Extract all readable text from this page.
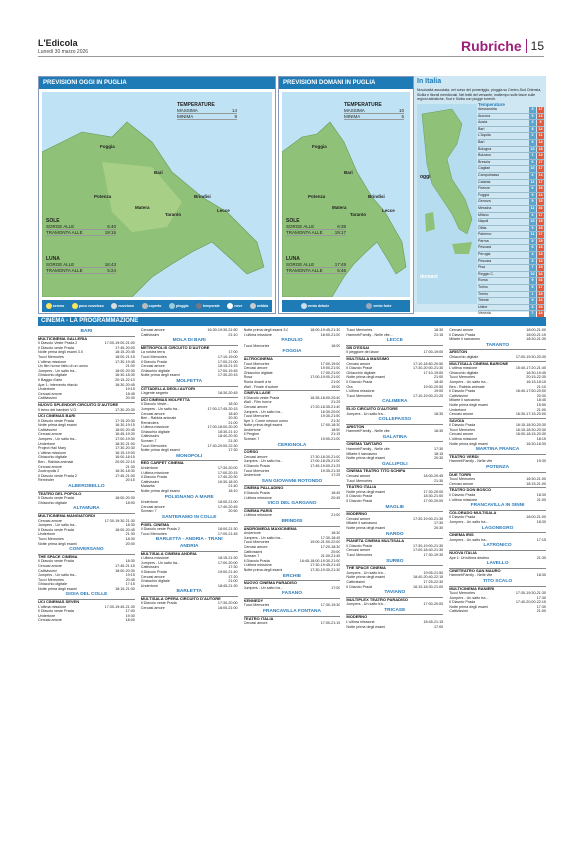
L'Edicola
Lunedì 30 marzo 2026	Rubriche 15
PREVISIONI OGGI IN PUGLIA
Foggia
Bari
Potenza	Brindisi
Matera
Taranto
Lecce
TEMPERATURE
MASSIMA	14
MINIMA	9
SOLE
SORGE ALLE	6:40
TRAMONTA ALLE	19:15
LUNA
SORGE ALLE	16:43
TRAMONTA ALLE	5:24
sereno	poco nuvoloso	nuvoloso	coperto	pioggia	temporale	neve	nebbia
PREVISIONI DOMANI IN PUGLIA
Foggia
Bari
Potenza	Brindisi
Matera
Taranto
Lecce
TEMPERATURE
MASSIMA	10
MINIMA	5
SOLE
SORGE ALLE	6:38
TRAMONTA ALLE	19:17
LUNA
SORGE ALLE	17:49
TRAMONTA ALLE	5:46
vento debole	vento forte
In Italia
Nuvolosità associata, nel corso del pomeriggio, pioggia su Centro-Sud Ortensia, Sicilia e litorali meridionali. Nei tratti del versante, maltempo sulle fasce sulle regioni adriatiche, Sud e Sicilia con piogge torrenti.
oggi
domani
Temperature
Alessandria	3	17
Ancona	9	13
Aosta	3	9
Bari	8	14
L'Aquila	2	11
Bari	9	14
Bologna	10	18
Bolzano	1	14
Brescia	6	17
Cagliari	10	17
Campobasso	6	14
Catania	11	17
Firenze	6	15
Foggia	9	14
Genova	9	15
Messina	11	16
Milano	6	17
Napoli	10	15
Olbia	9	15
Palermo	11	17
Parma	5	19
Pescara	6	13
Perugia	4	13
Pescara	3	12
Pisa	7	15
Reggio C.	10	16
Roma	9	16
Torino	5	17
Trento	1	15
Trieste	9	12
Udine	3	15
Venezia	7	14
CINEMA - LA PROGRAMMAZIONE
BARI
MULTICINEMA GALLERIA
Il Diavolo Veste Prada 2	17:00-19:00-21:00
Il Diavolo veste Prada	17:45-20:00
Notte prima degli esami 3.0	18:15-20:45
Tucci Memories	18:00-21:15
L'ultima missione	17:30-19:45
Un film horror fatto di un uomo	21:00
Jumpers - Un salto tra...	18:00-20:30
Ghiacchio digitale	16:30-18:30
Il Baggio d'arte	20:15-22:10
Ape 1: Intervento ritardo	16:30-20:45
Undertone	19:15
Cercasi amore	18:45
Cattivissimi	20:30
NUOVO SPLENDOR CIRCUITO D'AUTORE
Il treno dei bambini V.O.	17:30-20:30
UCI CINEMAS BARI
Il Diavolo veste Prada	17:15-20:30
Notte prima degli esami	16:30-19:15
Cattivissimi	18:00-20:45
Cercasi amore	16:45-19:30
Jumpers - Un salto tra...	17:00-19:30
Undertone	18:30-21:00
Project Hail Mary	17:30-20:30
L'ultima missione	16:15-19:00
Ghiacchio digitale	16:00-18:15
Ben - Rabbia animale	20:00-22:15
Cercasi amore	21:30
Zootropolis 2	16:30-18:30
Il Diavolo veste Prada 2	17:45-21:00
Reminder	20:15
ALBEROBELLO
TEATRO DEL POPOLO
Il Diavolo veste Prada	18:00-20:30
Ghiacchio digitale	18:00
ALTAMURA
MULTICINEMA MANGIATORDI
Cercasi amore	17:30-19:30-21:30
Jumpers - Un salto tra...	18:30
Il Diavolo veste Prada	18:00-20:45
Undertone	21:30
Tucci Memories	18:30
Notte prima degli esami	20:00
CONVERSANO
THE SPACE CINEMA
Il Diavolo veste Prada	18:30
Cercasi amore	17:45-21:15
Cattivissimi	18:00-20:30
Jumpers - Un salto tra...	19:15
Tucci Memories	20:45
Ghiacchio digitale	17:15
Notte prima degli esami	18:15-21:00
GIOIA DEL COLLE
UCI CINEMAS SEVEN
L'ultima missione	17:30-19:45-21:30
Il Diavolo veste Prada	17:00
Undertone	19:30
Cercasi amore	18:00
Cercasi amore	16:30-19:30-21:50
Cattivissimi	21:10
MOLA DI BARI
METROPOLIS CIRCUITO D'AUTORE
La nostra terra	17:00
Tucci Memories	17:10-19:00
Il Diavolo Prada	17:00-21:00
Cercasi amore	18:15-21:15
Ghiacchio digitale	17:00-19:45
Notte prima degli esami	17:30-20:15
MOLFETTA
CITTADELLA DEGLI AUTORI
L'agente segreto	18:30-20:45
UCI CINEMAS MOLFETTA
Il Diavolo Veste...	18:30
Jumpers - Un salto tra...	17:00-17:45-20:15
Cercasi amore	18:40
Ben - Rabbia animale	20:30
Reminders	21:00
L'ultima missione	17:00-18:00-20:20
Ghiacchio digitale	18:30-21:10
Cattivissimi	18:40-20:30
Scream 7	21:30
Tucci Memories	17:40-20:00-22:30
Notte prima degli esami	17:30
MONOPOLI
RED CARPET CINEMA
Undertone	17:30-20:00
L'ultima missione	17:00-20:15
Il Diavolo Prada	17:40-20:30
Cattivissimi	16:30-18:20
Malavita	21:40
Notte prima degli esami	18:10
POLIGNANO A MARE
Undertone	18:00-21:00
Cercasi amore	17:40-20:45
Scream 7	20:50
SANTERAMO IN COLLE
PIXEL CINEMA
Il Diavolo veste Prada 2	18:00-21:30
Tucci Memories	17:00-21:45
BARLETTA - ANDRIA - TRANI
ANDRIA
MULTISALA CINEMA ANDRIA
L'ultima missione	18:15-21:30
Jumpers - Un salto tra...	17:00-20:00
Cattivissimi	17:30
Il Diavolo Prada	19:00-21:40
Cercasi amore	17:20
Ghiacchio digitale	21:00
Undertone	18:45-21:30
BARLETTA
MULTISALA OPERA CIRCUITO D'AUTORE
Il Diavolo veste Prada	17:30-20:00
Cercasi amore	18:00-21:00
Notte prima degli esami 3.0	18:00-19:45-21:30
L'ultima missione	18:00-21:00
PADULIO
Tucci Memories	18:00
FOGGIA
ALTROCINEMA
Tucci Memories	17:00-19:00
Cercasi amore	19:00-21:00
Ghiacchio digitale	17:00-21:00
Rosa	17:00-19:00-21:00
Ronia dvanti a te	21:00
Wall - Finale d'autore	19:00
CINEVILLAGE
Il Diavolo veste Prada	16:35-18:00-20:40
Wall - Film horror	21:25
Cercasi amore	17:20-18:35-21:40
Jumpers - Un salto tra...	16:30-20:00
Tucci Memories	19:30-21:50
Ape 1: Come nessun uomo	21:30
Notte prima degli esami	17:00-18:30
Undertone	18:50
Il Pergine	21:15
Scream 7	19:00-21:00
CERIGNOLA
CORSO
Cercasi amore	17:30-18:30-21:00
Jumpers - Un salto tra...	17:00-18:25-21:00
Il Diavolo Prada	17:45-19:00-21:25
Tucci Memories	19:35-21:35
Undertone	17:25
SAN GIOVANNI ROTONDO
CINEMA PALLADINO
Il Diavolo Prada	18:45
L'ultima missione	20:45
VICO DEL GARGANO
CINEMA PARIS
L'ultima missione	21:00
BRINDISI
ANDROMEDA MAXICINEMA
Undertone	18:30
Jumpers - Un salto tra...	17:30-18:45
Tucci Memories	19:00-21:00-22:00
Cercasi amore	17:20-18:30
Cattivissimi	20:00
Scream 7	21:00-21:45
Il Diavolo Prada	16:45-18:00-19:30-21:00
L'ultima missione	17:30-19:45-21:45
Notte prima degli esami	17:30-19:30-21:30
ERCHIE
NUOVO CINEMA PARADISO
Jumpers - Un salto tra...	17:00
FASANO
KENNEDY
Tucci Memories	17:30-19:30
FRANCAVILLA FONTANA
TEATRO ITALIA
Cercasi amore	17:00-21:15
Tucci Memories	18:30
Hamnet/Family - Nelle vite...	21:15
LECCE
DB D'ESSAI
Il peggiore dei lavori	17:00-19:00
MULTISALA MASSIMO
Cercasi amore	17:10-18:50-20:50
Il Diavolo Prada	17:30-20:00-21:30
Ghiacchio digitale	17:10-19:00
Notte prima degli esami	21:00
Il Diavolo Prada	18:40
Ora	19:00-20:50
L'ultima missione	19:00
Tucci Memories	17:10-19:00-21:20
CALIMERA
ELIO CIRCUITO D'AUTORE
Jumpers - Un salto tra...	18:30
COLLEPASSO
ARISTON
Hamnet/Family - Nelle vite	18:30
GALATINA
CINEMA TARTARO
Hamnet/Family - Nelle vite	17:30
Milarte il sarcasmo	18:15
Notte prima degli esami	20:30
GALLIPOLI
CINEMA TEATRO TITO SCHIPA
Cercasi amore	18:00-20:45
Tucci Memories	21:30
TEATRO ITALIA
Notte prima degli esami	17:30-20:00
Il Diavolo Prada	18:30-21:00
Il Diavolo Prada	17:00-20:00
MAGLIE
MODERNO
Cercasi amore	17:30-19:00-21:30
Milarte il sarcasmo	17:30
Notte prima degli esami	20:30
NARDO
PIANETA CINEMA MULTISALA
Il Diavolo Prada	17:30-19:00-21:30
Cercasi amore	17:00-18:40-21:30
Tucci Memories	17:30-19:30
SURBO
THE SPACE CINEMA
Jumpers - Un salto tra...	19:05-21:50
Notte prima degli esami	18:40-20:40-22:15
Cattivissimi	17:25-22:30
Il Diavolo Prada	16:10-18:30-21:00
TAVIANO
MULTIPLEX TEATRO PARADISO
Jumpers - Un salto tra...	17:00-20:00
TRICASE
MODERNO
L'ultima missione	18:45-21:15
Notte prima degli esami	17:00
Cercasi amore	18:00-21:00
Il Diavolo Prada	18:00-21:15
Milarte il sarcasmo	18:30-21:30
TARANTO
ARISTON
Ghiacchio digitale	17:00-19:30-20:30
MULTISALA CINEMA BARIONE
L'ultima missione	15:40-17:20-21:40
Ghiacchio digitale	16:30-19:45
Tucci Memories	20:15-22:35
Jumpers - Un salto tra...	16:15-18:15
Ben - Rabbia animale	21:10
Il Diavolo Prada	16:40-17:50-20:00
Cattivissimi	20:30
Milarte il sarcasmo	18:45
Notte prima degli esami	15:50
Undertone	21:00
Cercasi amore	16:30-17:15-20:00
SAVOIA
Il Diavolo Prada	16:15-18:30-20:30
Tucci Memories	16:15-18:30-20:30
Cercasi amore	16:00-18:15-20:30
L'ultima missione	18:15
Notte prima degli esami	16:30-18:30
MARTINA FRANCA
TEATRO VERDI
Hamnet/Family - Nelle vite	19:30
POTENZA
DUE TORRI
Tucci Memories	16:30-21:00
Cercasi amore	18:15-21:00
TEATRO DON BOSCO
Il Diavolo Prada	18:30
L'ultima missione	21:00
FRANCAVILLA IN SINNI
COLORADO MULTISALA
Il Diavolo Prada	18:00-21:00
Jumpers - Un salto tra...	18:30
LAGONEGRO
CINEMA IRIS
Jumpers - Un salto tra...	17:15
LATRONICO
NUOVA ITALIA
Ape 1: Un'ultima destino	21:30
LAVELLO
CINETEATRO SAN MAURO
Hamnet/Family - Nelle vite	18:30
TITO SCALO
MULTICINEMA RANIERI
Tucci Memories	17:30-19:30-21:30
Jumpers - Un salto tra...	17:30
Il Diavolo Prada	17:40-20:00-22:15
Notte prima degli esami	17:30
Cattivissimi	21:00
